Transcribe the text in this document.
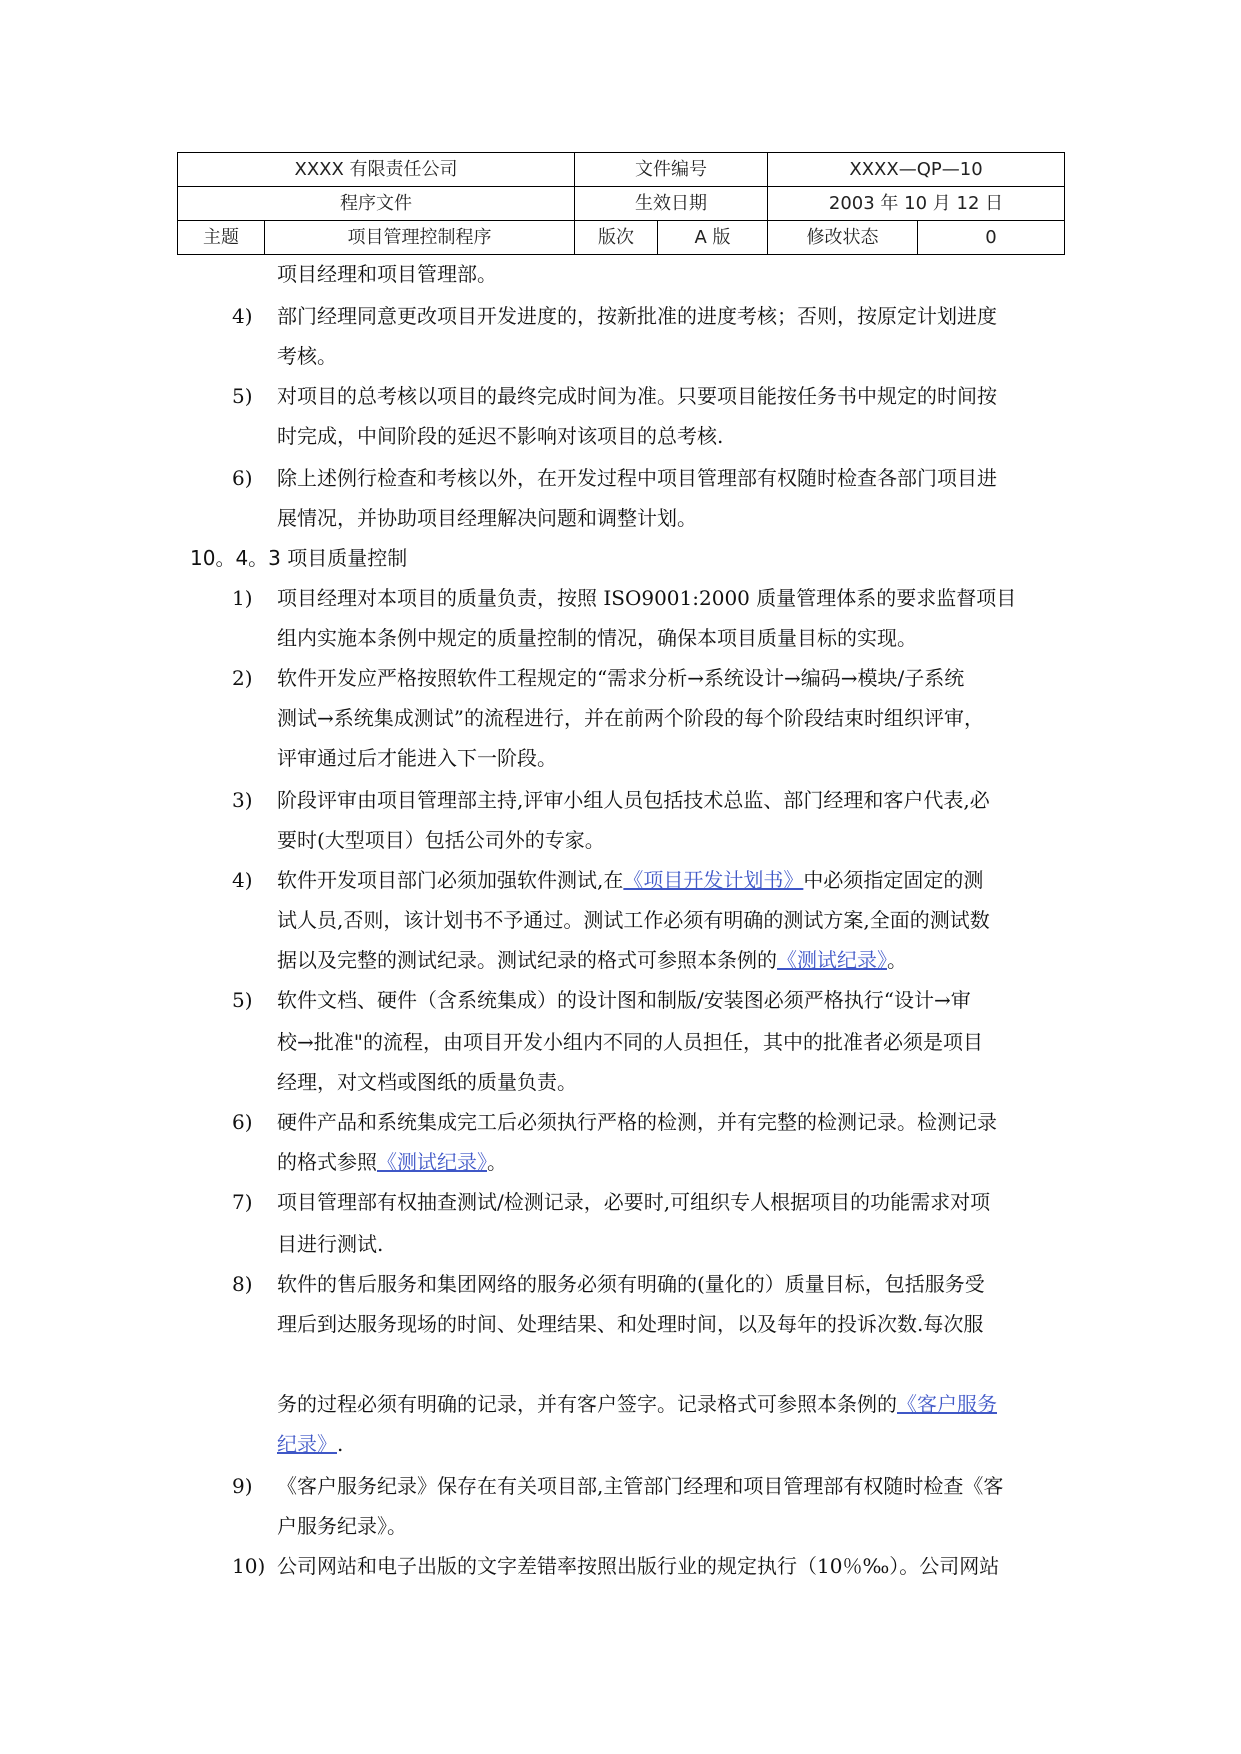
XXXX 有限责任公司		文件编号		XXXX—QP—10	
程序文件		生效日期		2003 年 10 月 12 日	
主题	项目管理控制程序	版次	A 版	修改状态	0
项目经理和项目管理部。
4)	部门经理同意更改项目开发进度的，按新批准的进度考核；否则，按原定计划进度
考核。
5)	对项目的总考核以项目的最终完成时间为准。只要项目能按任务书中规定的时间按
时完成，中间阶段的延迟不影响对该项目的总考核.
6)	除上述例行检查和考核以外，在开发过程中项目管理部有权随时检查各部门项目进
展情况，并协助项目经理解决问题和调整计划。
10。4。3 项目质量控制
1)	项目经理对本项目的质量负责，按照 ISO9001:2000 质量管理体系的要求监督项目
组内实施本条例中规定的质量控制的情况，确保本项目质量目标的实现。
2)	软件开发应严格按照软件工程规定的“需求分析→系统设计→编码→模块/子系统
测试→系统集成测试”的流程进行，并在前两个阶段的每个阶段结束时组织评审，
评审通过后才能进入下一阶段。
3)	阶段评审由项目管理部主持,评审小组人员包括技术总监、部门经理和客户代表,必
要时(大型项目）包括公司外的专家。
4)	软件开发项目部门必须加强软件测试,在《项目开发计划书》中必须指定固定的测
试人员,否则，该计划书不予通过。测试工作必须有明确的测试方案,全面的测试数
据以及完整的测试纪录。测试纪录的格式可参照本条例的《测试纪录》。
5)	软件文档、硬件（含系统集成）的设计图和制版/安装图必须严格执行“设计→审
校→批准"的流程，由项目开发小组内不同的人员担任，其中的批准者必须是项目
经理，对文档或图纸的质量负责。
6)	硬件产品和系统集成完工后必须执行严格的检测，并有完整的检测记录。检测记录
的格式参照《测试纪录》。
7)	项目管理部有权抽查测试/检测记录，必要时,可组织专人根据项目的功能需求对项
目进行测试.
8)	软件的售后服务和集团网络的服务必须有明确的(量化的）质量目标，包括服务受
理后到达服务现场的时间、处理结果、和处理时间，以及每年的投诉次数.每次服
务的过程必须有明确的记录，并有客户签字。记录格式可参照本条例的《客户服务
纪录》.
9)	《客户服务纪录》保存在有关项目部,主管部门经理和项目管理部有权随时检查《客
户服务纪录》。
10) 公司网站和电子出版的文字差错率按照出版行业的规定执行（10％‰）。公司网站
